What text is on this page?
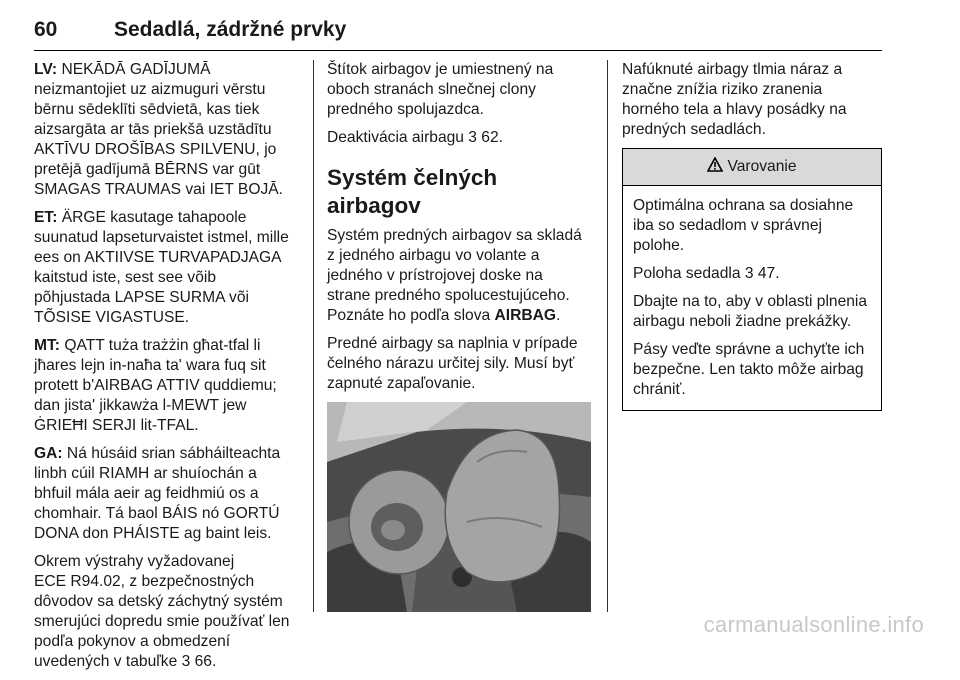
60	Sedadlá, zádržné prvky

LV: NEKĀDĀ GADĪJUMĀ
neizmantojiet uz aizmuguri vērstu
bērnu sēdeklīti sēdvietā, kas tiek
aizsargāta ar tās priekšā uzstādītu
AKTĪVU DROŠĪBAS SPILVENU, jo
pretējā gadījumā BĒRNS var gūt
SMAGAS TRAUMAS vai IET BOJĀ.

ET: ÄRGE kasutage tahapoole
suunatud lapseturvaistet istmel, mille
ees on AKTIIVSE TURVAPADJAGA
kaitstud iste, sest see võib
põhjustada LAPSE SURMA või
TÕSISE VIGASTUSE.

MT: QATT tuża trażżin għat-tfal li
jħares lejn in-naħa ta' wara fuq sit
protett b'AIRBAG ATTIV quddiemu;
dan jista' jikkawża l-MEWT jew
ĠRIEĦI SERJI lit-TFAL.

GA: Ná húsáid srian sábháilteachta
linbh cúil RIAMH ar shuíochán a
bhfuil mála aeir ag feidhmiú os a
chomhair. Tá baol BÁIS nó GORTÚ
DONA don PHÁISTE ag baint leis.

Okrem výstrahy vyžadovanej
ECE R94.02, z bezpečnostných
dôvodov sa detský záchytný systém
smerujúci dopredu smie používať len
podľa pokynov a obmedzení
uvedených v tabuľke 3 66.

Štítok airbagov je umiestnený na
oboch stranách slnečnej clony
predného spolujazdca.

Deaktivácia airbagu 3 62.

Systém čelných airbagov

Systém predných airbagov sa skladá
z jedného airbagu vo volante a
jedného v prístrojovej doske na
strane predného spolucestujúceho.
Poznáte ho podľa slova AIRBAG.

Predné airbagy sa naplnia v prípade
čelného nárazu určitej sily. Musí byť
zapnuté zapaľovanie.

Nafúknuté airbagy tlmia náraz a
značne znížia riziko zranenia
horného tela a hlavy posádky na
predných sedadlách.

Varovanie

Optimálna ochrana sa dosiahne
iba so sedadlom v správnej
polohe.

Poloha sedadla 3 47.

Dbajte na to, aby v oblasti plnenia
airbagu neboli žiadne prekážky.

Pásy veďte správne a uchyťte ich
bezpečne. Len takto môže airbag
chrániť.

carmanualsonline.info
